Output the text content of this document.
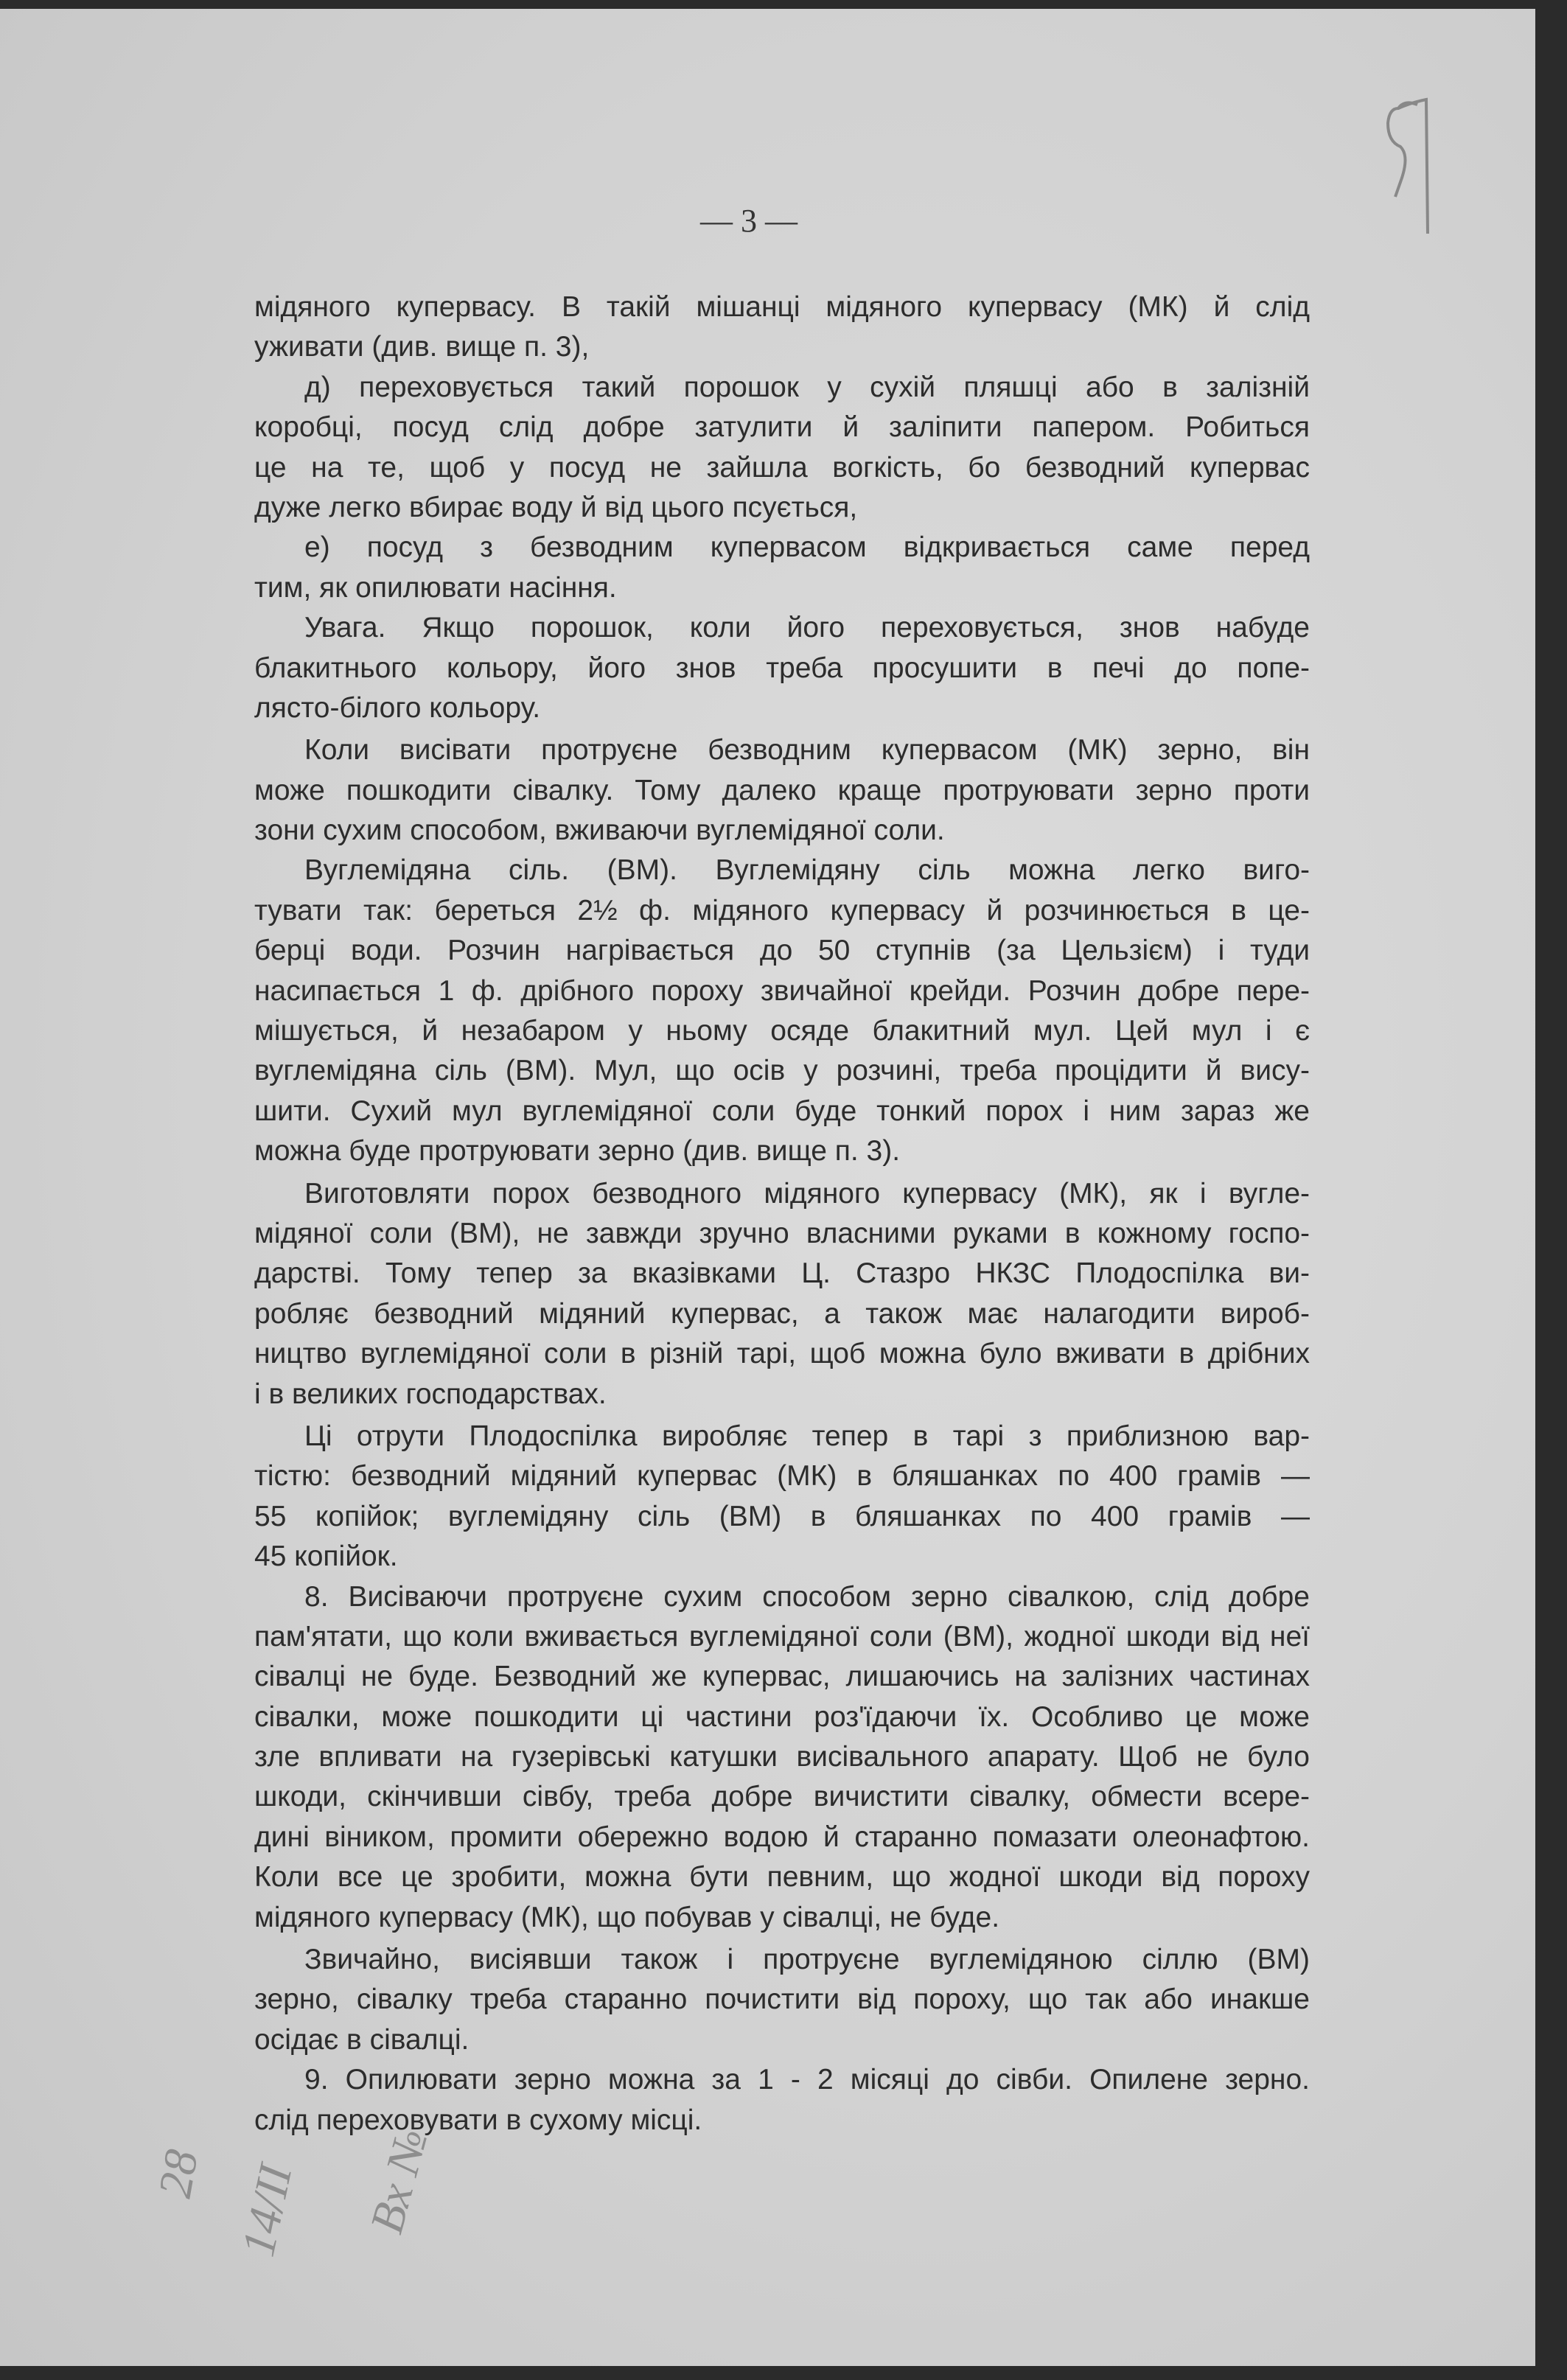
— 3 —
мідяного купервасу. В такій мішанці мідяного купервасу (МК) й слід
уживати (див. вище п. 3),
д) переховується такий порошок у сухій пляшці або в залізній
коробці, посуд слід добре затулити й заліпити папером. Робиться
це на те, щоб у посуд не зайшла вогкість, бо безводний купервас
дуже легко вбирає воду й від цього псується,
е) посуд з безводним купервасом відкривається саме перед
тим, як опилювати насіння.
Увага. Якщо порошок, коли його переховується, знов набуде
блакитнього кольору, його знов треба просушити в печі до попе-
лясто-білого кольору.
Коли висівати протруєне безводним купервасом (МК) зерно, він
може пошкодити сівалку. Тому далеко краще протруювати зерно проти
зони сухим способом, вживаючи вуглемідяної соли.
Вуглемідяна сіль. (ВМ). Вуглемідяну сіль можна легко виго-
тувати так: береться 2½ ф. мідяного купервасу й розчинюється в це-
берці води. Розчин нагрівається до 50 ступнів (за Цельзієм) і туди
насипається 1 ф. дрібного пороху звичайної крейди. Розчин добре пере-
мішується, й незабаром у ньому осяде блакитний мул. Цей мул і є
вуглемідяна сіль (ВМ). Мул, що осів у розчині, треба процідити й вису-
шити. Сухий мул вуглемідяної соли буде тонкий порох і ним зараз же
можна буде протруювати зерно (див. вище п. 3).
Виготовляти порох безводного мідяного купервасу (МК), як і вугле-
мідяної соли (ВМ), не завжди зручно власними руками в кожному госпо-
дарстві. Тому тепер за вказівками Ц. Стазро НКЗС Плодоспілка ви-
робляє безводний мідяний купервас, а також має налагодити вироб-
ництво вуглемідяної соли в різній тарі, щоб можна було вживати в дрібних
і в великих господарствах.
Ці отрути Плодоспілка виробляє тепер в тарі з приблизною вар-
тістю: безводний мідяний купервас (МК) в бляшанках по 400 грамів —
55 копійок; вуглемідяну сіль (ВМ) в бляшанках по 400 грамів —
45 копійок.
8. Висіваючи протруєне сухим способом зерно сівалкою, слід добре
пам'ятати, що коли вживається вуглемідяної соли (ВМ), жодної шкоди від неї
сівалці не буде. Безводний же купервас, лишаючись на залізних частинах
сівалки, може пошкодити ці частини роз'їдаючи їх. Особливо це може
зле впливати на гузерівські катушки висівального апарату. Щоб не було
шкоди, скінчивши сівбу, треба добре вичистити сівалку, обмести всере-
дині віником, промити обережно водою й старанно помазати олеонафтою.
Коли все це зробити, можна бути певним, що жодної шкоди від пороху
мідяного купервасу (МК), що побував у сівалці, не буде.
Звичайно, висіявши також і протруєне вуглемідяною сіллю (ВМ)
зерно, сівалку треба старанно почистити від пороху, що так або инакше
осідає в сівалці.
9. Опилювати зерно можна за 1 - 2 місяці до сівби. Опилене зерно.
слід переховувати в сухому місці.
28 14/II Вх №
